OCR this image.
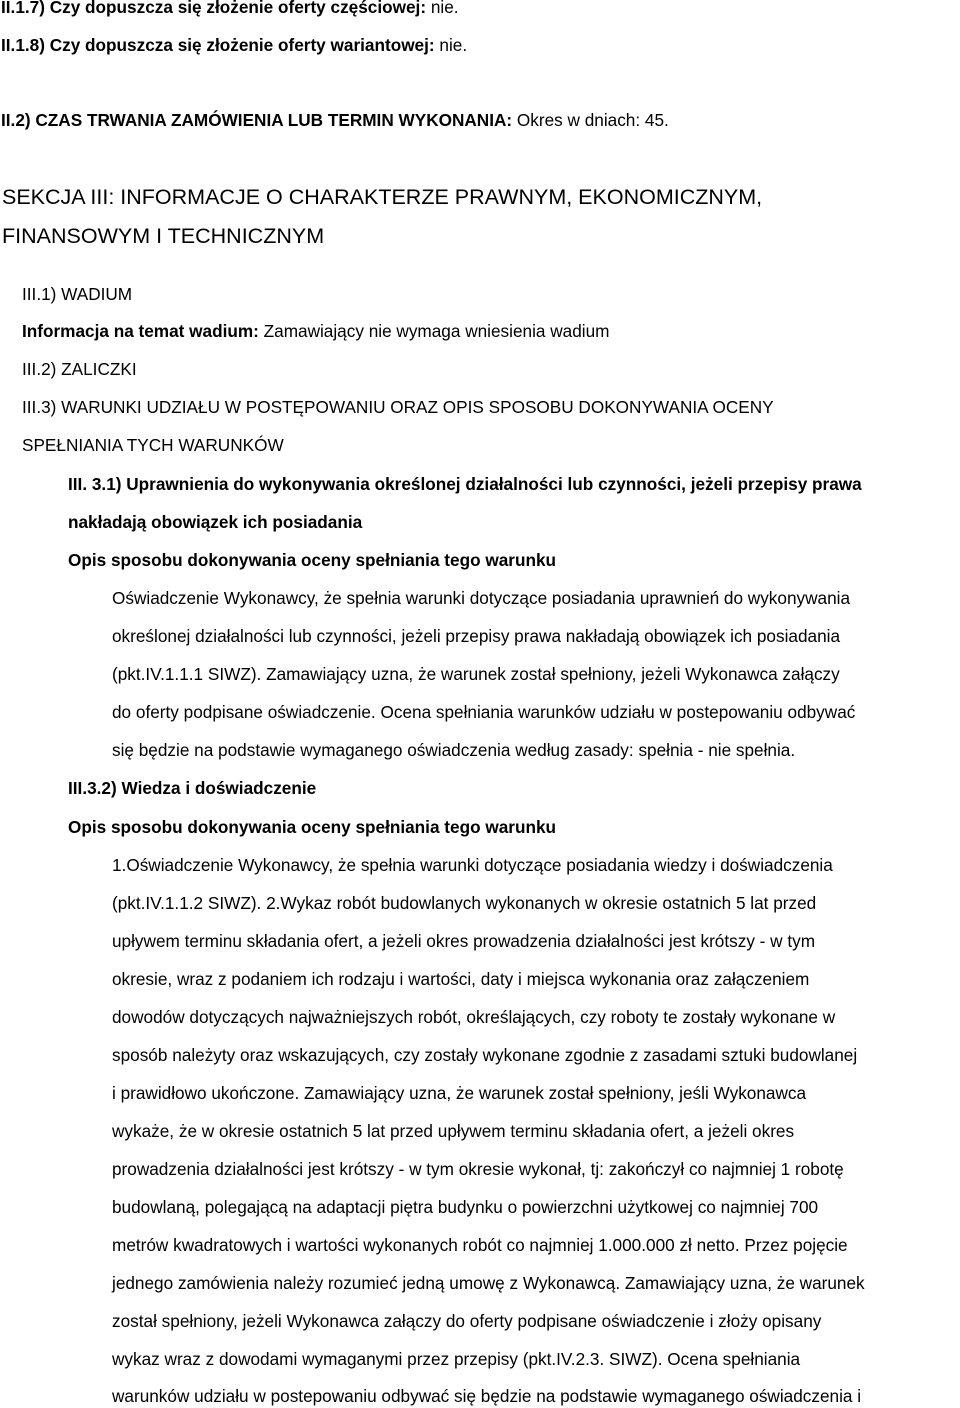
II.1.7) Czy dopuszcza się złożenie oferty częściowej: nie.
II.1.8) Czy dopuszcza się złożenie oferty wariantowej: nie.
II.2) CZAS TRWANIA ZAMÓWIENIA LUB TERMIN WYKONANIA: Okres w dniach: 45.
SEKCJA III: INFORMACJE O CHARAKTERZE PRAWNYM, EKONOMICZNYM,
FINANSOWYM I TECHNICZNYM
III.1) WADIUM
Informacja na temat wadium: Zamawiający nie wymaga wniesienia wadium
III.2) ZALICZKI
III.3) WARUNKI UDZIAŁU W POSTĘPOWANIU ORAZ OPIS SPOSOBU DOKONYWANIA OCENY
SPEŁNIANIA TYCH WARUNKÓW
III. 3.1) Uprawnienia do wykonywania określonej działalności lub czynności, jeżeli przepisy prawa
nakładają obowiązek ich posiadania
Opis sposobu dokonywania oceny spełniania tego warunku
Oświadczenie Wykonawcy, że spełnia warunki dotyczące posiadania uprawnień do wykonywania
określonej działalności lub czynności, jeżeli przepisy prawa nakładają obowiązek ich posiadania
(pkt.IV.1.1.1 SIWZ). Zamawiający uzna, że warunek został spełniony, jeżeli Wykonawca załączy
do oferty podpisane oświadczenie. Ocena spełniania warunków udziału w postepowaniu odbywać
się będzie na podstawie wymaganego oświadczenia według zasady: spełnia - nie spełnia.
III.3.2) Wiedza i doświadczenie
Opis sposobu dokonywania oceny spełniania tego warunku
1.Oświadczenie Wykonawcy, że spełnia warunki dotyczące posiadania wiedzy i doświadczenia
(pkt.IV.1.1.2 SIWZ). 2.Wykaz robót budowlanych wykonanych w okresie ostatnich 5 lat przed
upływem terminu składania ofert, a jeżeli okres prowadzenia działalności jest krótszy - w tym
okresie, wraz z podaniem ich rodzaju i wartości, daty i miejsca wykonania oraz załączeniem
dowodów dotyczących najważniejszych robót, określających, czy roboty te zostały wykonane w
sposób należyty oraz wskazujących, czy zostały wykonane zgodnie z zasadami sztuki budowlanej
i prawidłowo ukończone. Zamawiający uzna, że warunek został spełniony, jeśli Wykonawca
wykaże, że w okresie ostatnich 5 lat przed upływem terminu składania ofert, a jeżeli okres
prowadzenia działalności jest krótszy - w tym okresie wykonał, tj: zakończył co najmniej 1 robotę
budowlaną, polegającą na adaptacji piętra budynku o powierzchni użytkowej co najmniej 700
metrów kwadratowych i wartości wykonanych robót co najmniej 1.000.000 zł netto. Przez pojęcie
jednego zamówienia należy rozumieć jedną umowę z Wykonawcą. Zamawiający uzna, że warunek
został spełniony, jeżeli Wykonawca załączy do oferty podpisane oświadczenie i złoży opisany
wykaz wraz z dowodami wymaganymi przez przepisy (pkt.IV.2.3. SIWZ). Ocena spełniania
warunków udziału w postepowaniu odbywać się będzie na podstawie wymaganego oświadczenia i
